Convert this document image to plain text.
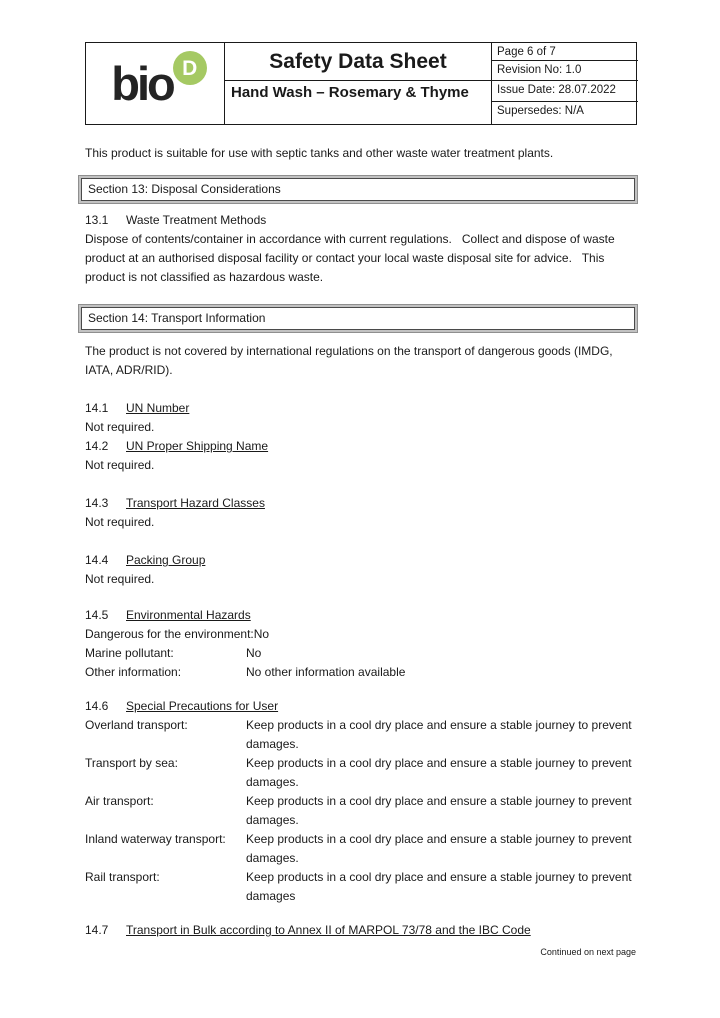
bio D	Safety Data Sheet
Hand Wash – Rosemary & Thyme
Page 6 of 7
Revision No: 1.0
Issue Date: 28.07.2022
Supersedes: N/A

This product is suitable for use with septic tanks and other waste water treatment plants.

Section 13: Disposal Considerations
13.1	Waste Treatment Methods

Dispose of contents/container in accordance with current regulations.   Collect and dispose of waste product at an authorised disposal facility or contact your local waste disposal site for advice.   This product is not classified as hazardous waste.

Section 14: Transport Information

The product is not covered by international regulations on the transport of dangerous goods (IMDG, IATA, ADR/RID).

14.1	UN Number

Not required.

14.2	UN Proper Shipping Name

Not required.

14.3	Transport Hazard Classes

Not required.

14.4	Packing Group

Not required.

14.5	Environmental Hazards
Dangerous for the environment: No
Marine pollutant:	No
Other information:	No other information available
14.6	Special Precautions for User
Overland transport:	Keep products in a cool dry place and ensure a stable journey to prevent damages.
Transport by sea:	Keep products in a cool dry place and ensure a stable journey to prevent damages.
Air transport:	Keep products in a cool dry place and ensure a stable journey to prevent damages.
Inland waterway transport:	Keep products in a cool dry place and ensure a stable journey to prevent damages.
Rail transport:	Keep products in a cool dry place and ensure a stable journey to prevent damages
14.7	Transport in Bulk according to Annex II of MARPOL 73/78 and the IBC Code
Continued on next page
